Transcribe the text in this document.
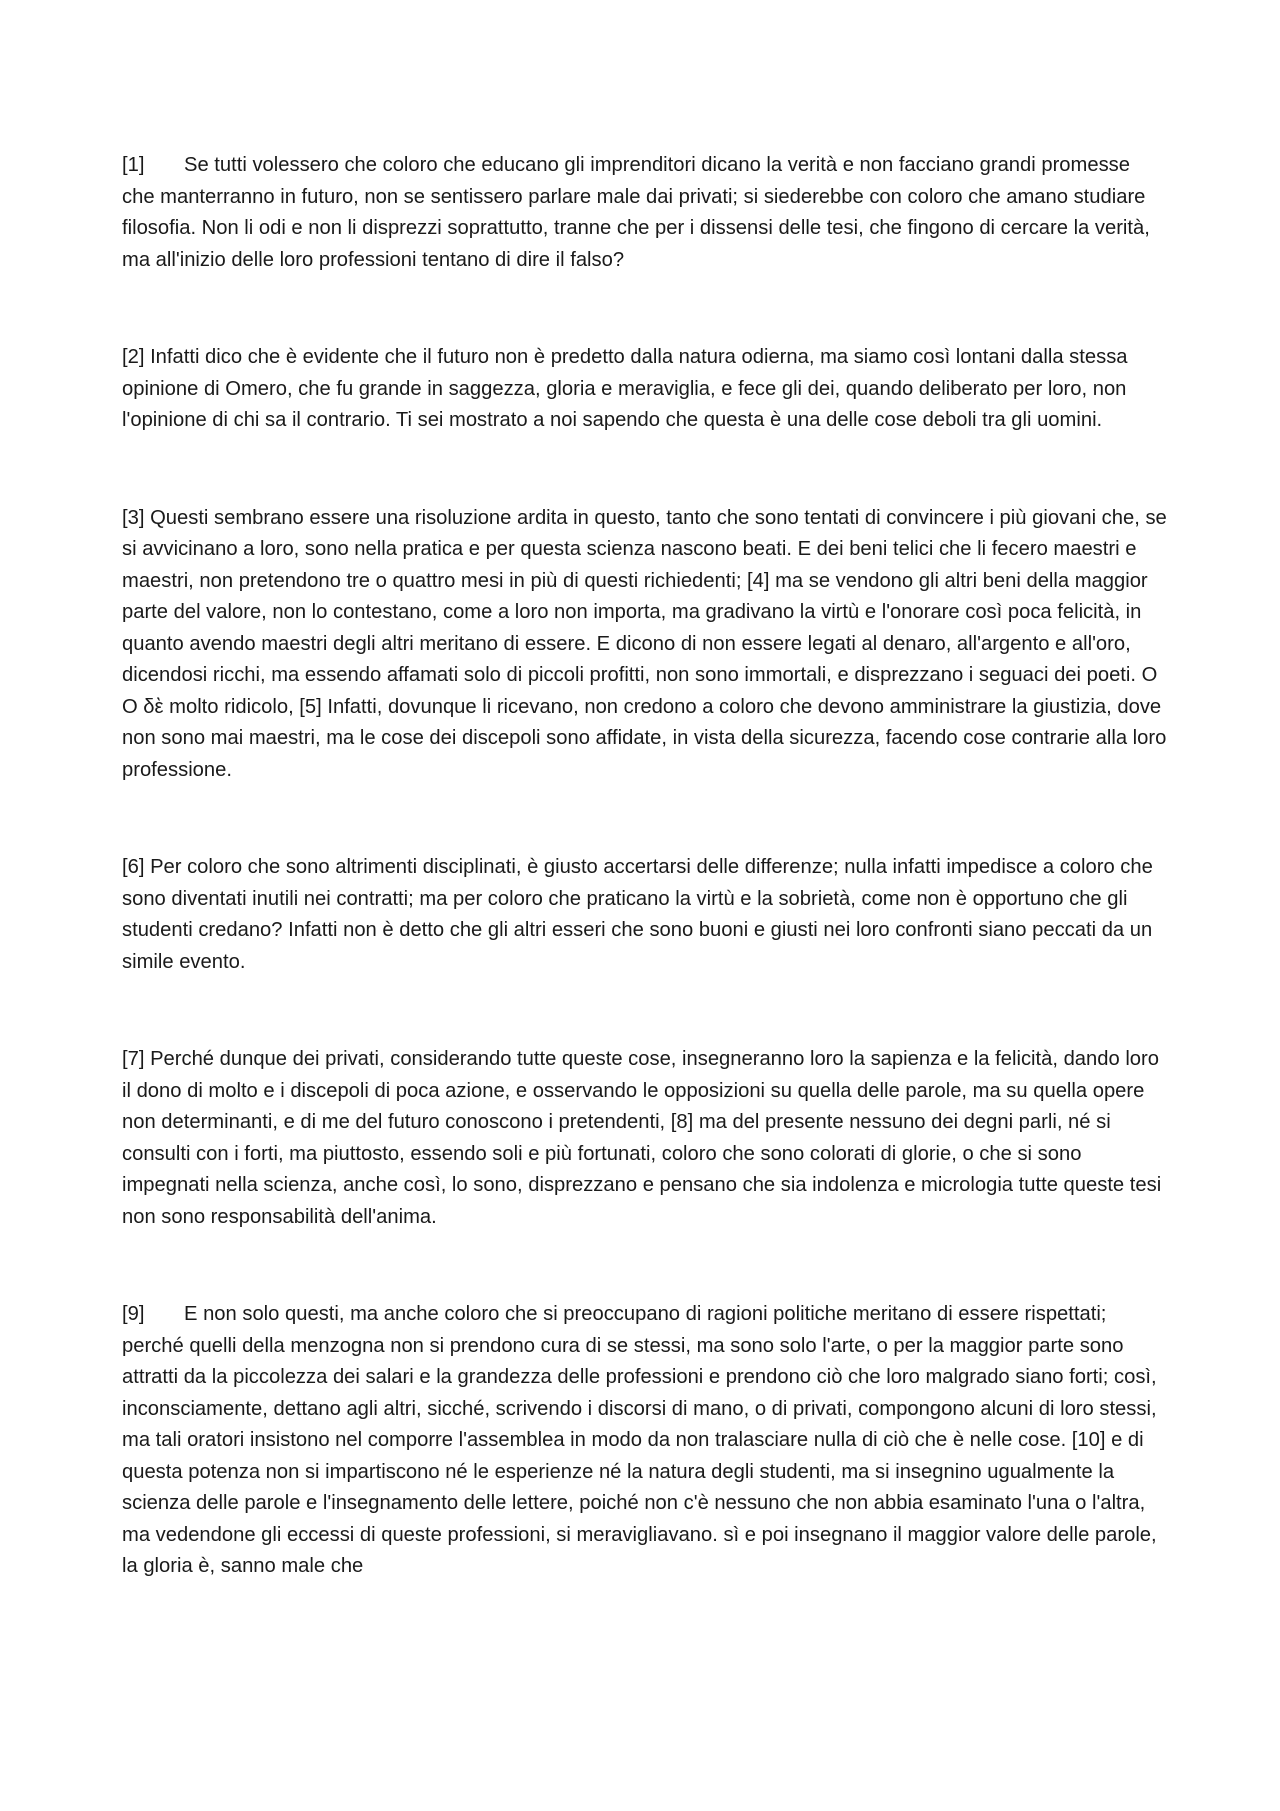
[1] Se tutti volessero che coloro che educano gli imprenditori dicano la verità e non facciano grandi promesse che manterranno in futuro, non se sentissero parlare male dai privati; si siederebbe con coloro che amano studiare filosofia. Non li odi e non li disprezzi soprattutto, tranne che per i dissensi delle tesi, che fingono di cercare la verità, ma all'inizio delle loro professioni tentano di dire il falso?

[2] Infatti dico che è evidente che il futuro non è predetto dalla natura odierna, ma siamo così lontani dalla stessa opinione di Omero, che fu grande in saggezza, gloria e meraviglia, e fece gli dei, quando deliberato per loro, non l'opinione di chi sa il contrario. Ti sei mostrato a noi sapendo che questa è una delle cose deboli tra gli uomini.

[3] Questi sembrano essere una risoluzione ardita in questo, tanto che sono tentati di convincere i più giovani che, se si avvicinano a loro, sono nella pratica e per questa scienza nascono beati. E dei beni telici che li fecero maestri e maestri, non pretendono tre o quattro mesi in più di questi richiedenti; [4] ma se vendono gli altri beni della maggior parte del valore, non lo contestano, come a loro non importa, ma gradivano la virtù e l'onorare così poca felicità, in quanto avendo maestri degli altri meritano di essere. E dicono di non essere legati al denaro, all'argento e all'oro, dicendosi ricchi, ma essendo affamati solo di piccoli profitti, non sono immortali, e disprezzano i seguaci dei poeti. O O δὲ molto ridicolo, [5] Infatti, dovunque li ricevano, non credono a coloro che devono amministrare la giustizia, dove non sono mai maestri, ma le cose dei discepoli sono affidate, in vista della sicurezza, facendo cose contrarie alla loro professione.

[6] Per coloro che sono altrimenti disciplinati, è giusto accertarsi delle differenze; nulla infatti impedisce a coloro che sono diventati inutili nei contratti; ma per coloro che praticano la virtù e la sobrietà, come non è opportuno che gli studenti credano? Infatti non è detto che gli altri esseri che sono buoni e giusti nei loro confronti siano peccati da un simile evento.

[7] Perché dunque dei privati, considerando tutte queste cose, insegneranno loro la sapienza e la felicità, dando loro il dono di molto e i discepoli di poca azione, e osservando le opposizioni su quella delle parole, ma su quella opere non determinanti, e di me del futuro conoscono i pretendenti, [8] ma del presente nessuno dei degni parli, né si consulti con i forti, ma piuttosto, essendo soli e più fortunati, coloro che sono colorati di glorie, o che si sono impegnati nella scienza, anche così, lo sono, disprezzano e pensano che sia indolenza e micrologia tutte queste tesi non sono responsabilità dell'anima.

[9] E non solo questi, ma anche coloro che si preoccupano di ragioni politiche meritano di essere rispettati; perché quelli della menzogna non si prendono cura di se stessi, ma sono solo l'arte, o per la maggior parte sono attratti da la piccolezza dei salari e la grandezza delle professioni e prendono ciò che loro malgrado siano forti; così, inconsciamente, dettano agli altri, sicché, scrivendo i discorsi di mano, o di privati, compongono alcuni di loro stessi, ma tali oratori insistono nel comporre l'assemblea in modo da non tralasciare nulla di ciò che è nelle cose. [10] e di questa potenza non si impartiscono né le esperienze né la natura degli studenti, ma si insegnino ugualmente la scienza delle parole e l'insegnamento delle lettere, poiché non c'è nessuno che non abbia esaminato l'una o l'altra, ma vedendone gli eccessi di queste professioni, si meravigliavano. sì e poi insegnano il maggior valore delle parole, la gloria è, sanno male che
